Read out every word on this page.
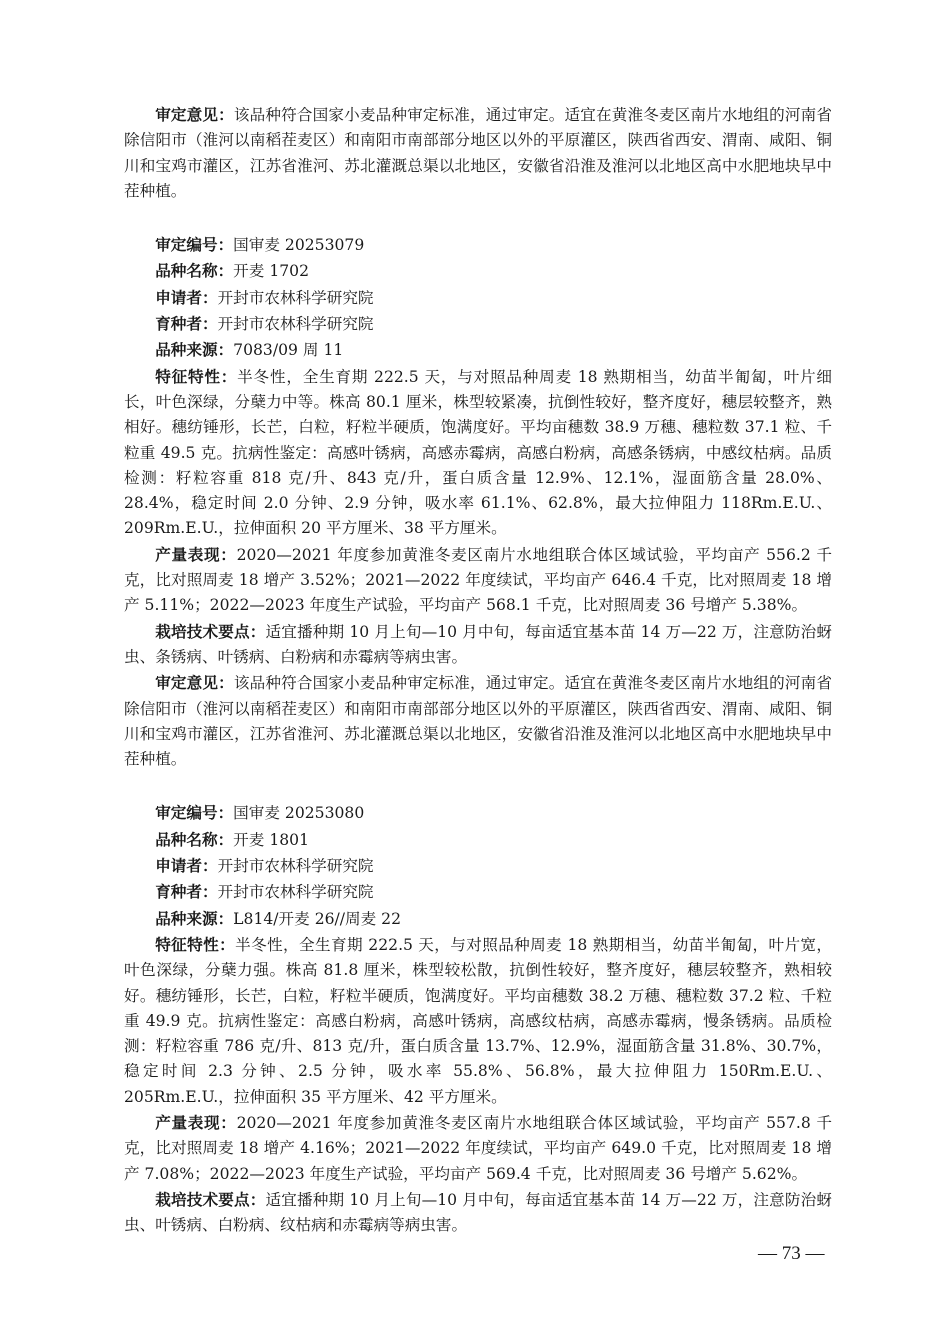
审定意见：该品种符合国家小麦品种审定标准，通过审定。适宜在黄淮冬麦区南片水地组的河南省除信阳市（淮河以南稻茬麦区）和南阳市南部部分地区以外的平原灌区，陕西省西安、渭南、咸阳、铜川和宝鸡市灌区，江苏省淮河、苏北灌溉总渠以北地区，安徽省沿淮及淮河以北地区高中水肥地块早中茬种植。

审定编号：国审麦 20253079

品种名称：开麦 1702

申请者：开封市农林科学研究院

育种者：开封市农林科学研究院

品种来源：7083/09 周 11

特征特性：半冬性，全生育期 222.5 天，与对照品种周麦 18 熟期相当，幼苗半匍匐，叶片细长，叶色深绿，分蘖力中等。株高 80.1 厘米，株型较紧凑，抗倒性较好，整齐度好，穗层较整齐，熟相好。穗纺锤形，长芒，白粒，籽粒半硬质，饱满度好。平均亩穗数 38.9 万穗、穗粒数 37.1 粒、千粒重 49.5 克。抗病性鉴定：高感叶锈病，高感赤霉病，高感白粉病，高感条锈病，中感纹枯病。品质检测：籽粒容重 818 克/升、843 克/升，蛋白质含量 12.9%、12.1%，湿面筋含量 28.0%、28.4%，稳定时间 2.0 分钟、2.9 分钟，吸水率 61.1%、62.8%，最大拉伸阻力 118Rm.E.U.、209Rm.E.U.，拉伸面积 20 平方厘米、38 平方厘米。

产量表现：2020—2021 年度参加黄淮冬麦区南片水地组联合体区域试验，平均亩产 556.2 千克，比对照周麦 18 增产 3.52%；2021—2022 年度续试，平均亩产 646.4 千克，比对照周麦 18 增产 5.11%；2022—2023 年度生产试验，平均亩产 568.1 千克，比对照周麦 36 号增产 5.38%。

栽培技术要点：适宜播种期 10 月上旬—10 月中旬，每亩适宜基本苗 14 万—22 万，注意防治蚜虫、条锈病、叶锈病、白粉病和赤霉病等病虫害。

审定意见：该品种符合国家小麦品种审定标准，通过审定。适宜在黄淮冬麦区南片水地组的河南省除信阳市（淮河以南稻茬麦区）和南阳市南部部分地区以外的平原灌区，陕西省西安、渭南、咸阳、铜川和宝鸡市灌区，江苏省淮河、苏北灌溉总渠以北地区，安徽省沿淮及淮河以北地区高中水肥地块早中茬种植。

审定编号：国审麦 20253080

品种名称：开麦 1801

申请者：开封市农林科学研究院

育种者：开封市农林科学研究院

品种来源：L814/开麦 26//周麦 22

特征特性：半冬性，全生育期 222.5 天，与对照品种周麦 18 熟期相当，幼苗半匍匐，叶片宽，叶色深绿，分蘖力强。株高 81.8 厘米，株型较松散，抗倒性较好，整齐度好，穗层较整齐，熟相较好。穗纺锤形，长芒，白粒，籽粒半硬质，饱满度好。平均亩穗数 38.2 万穗、穗粒数 37.2 粒、千粒重 49.9 克。抗病性鉴定：高感白粉病，高感叶锈病，高感纹枯病，高感赤霉病，慢条锈病。品质检测：籽粒容重 786 克/升、813 克/升，蛋白质含量 13.7%、12.9%，湿面筋含量 31.8%、30.7%，稳定时间 2.3 分钟、2.5 分钟，吸水率 55.8%、56.8%，最大拉伸阻力 150Rm.E.U.、205Rm.E.U.，拉伸面积 35 平方厘米、42 平方厘米。

产量表现：2020—2021 年度参加黄淮冬麦区南片水地组联合体区域试验，平均亩产 557.8 千克，比对照周麦 18 增产 4.16%；2021—2022 年度续试，平均亩产 649.0 千克，比对照周麦 18 增产 7.08%；2022—2023 年度生产试验，平均亩产 569.4 千克，比对照周麦 36 号增产 5.62%。

栽培技术要点：适宜播种期 10 月上旬—10 月中旬，每亩适宜基本苗 14 万—22 万，注意防治蚜虫、叶锈病、白粉病、纹枯病和赤霉病等病虫害。

— 73 —
